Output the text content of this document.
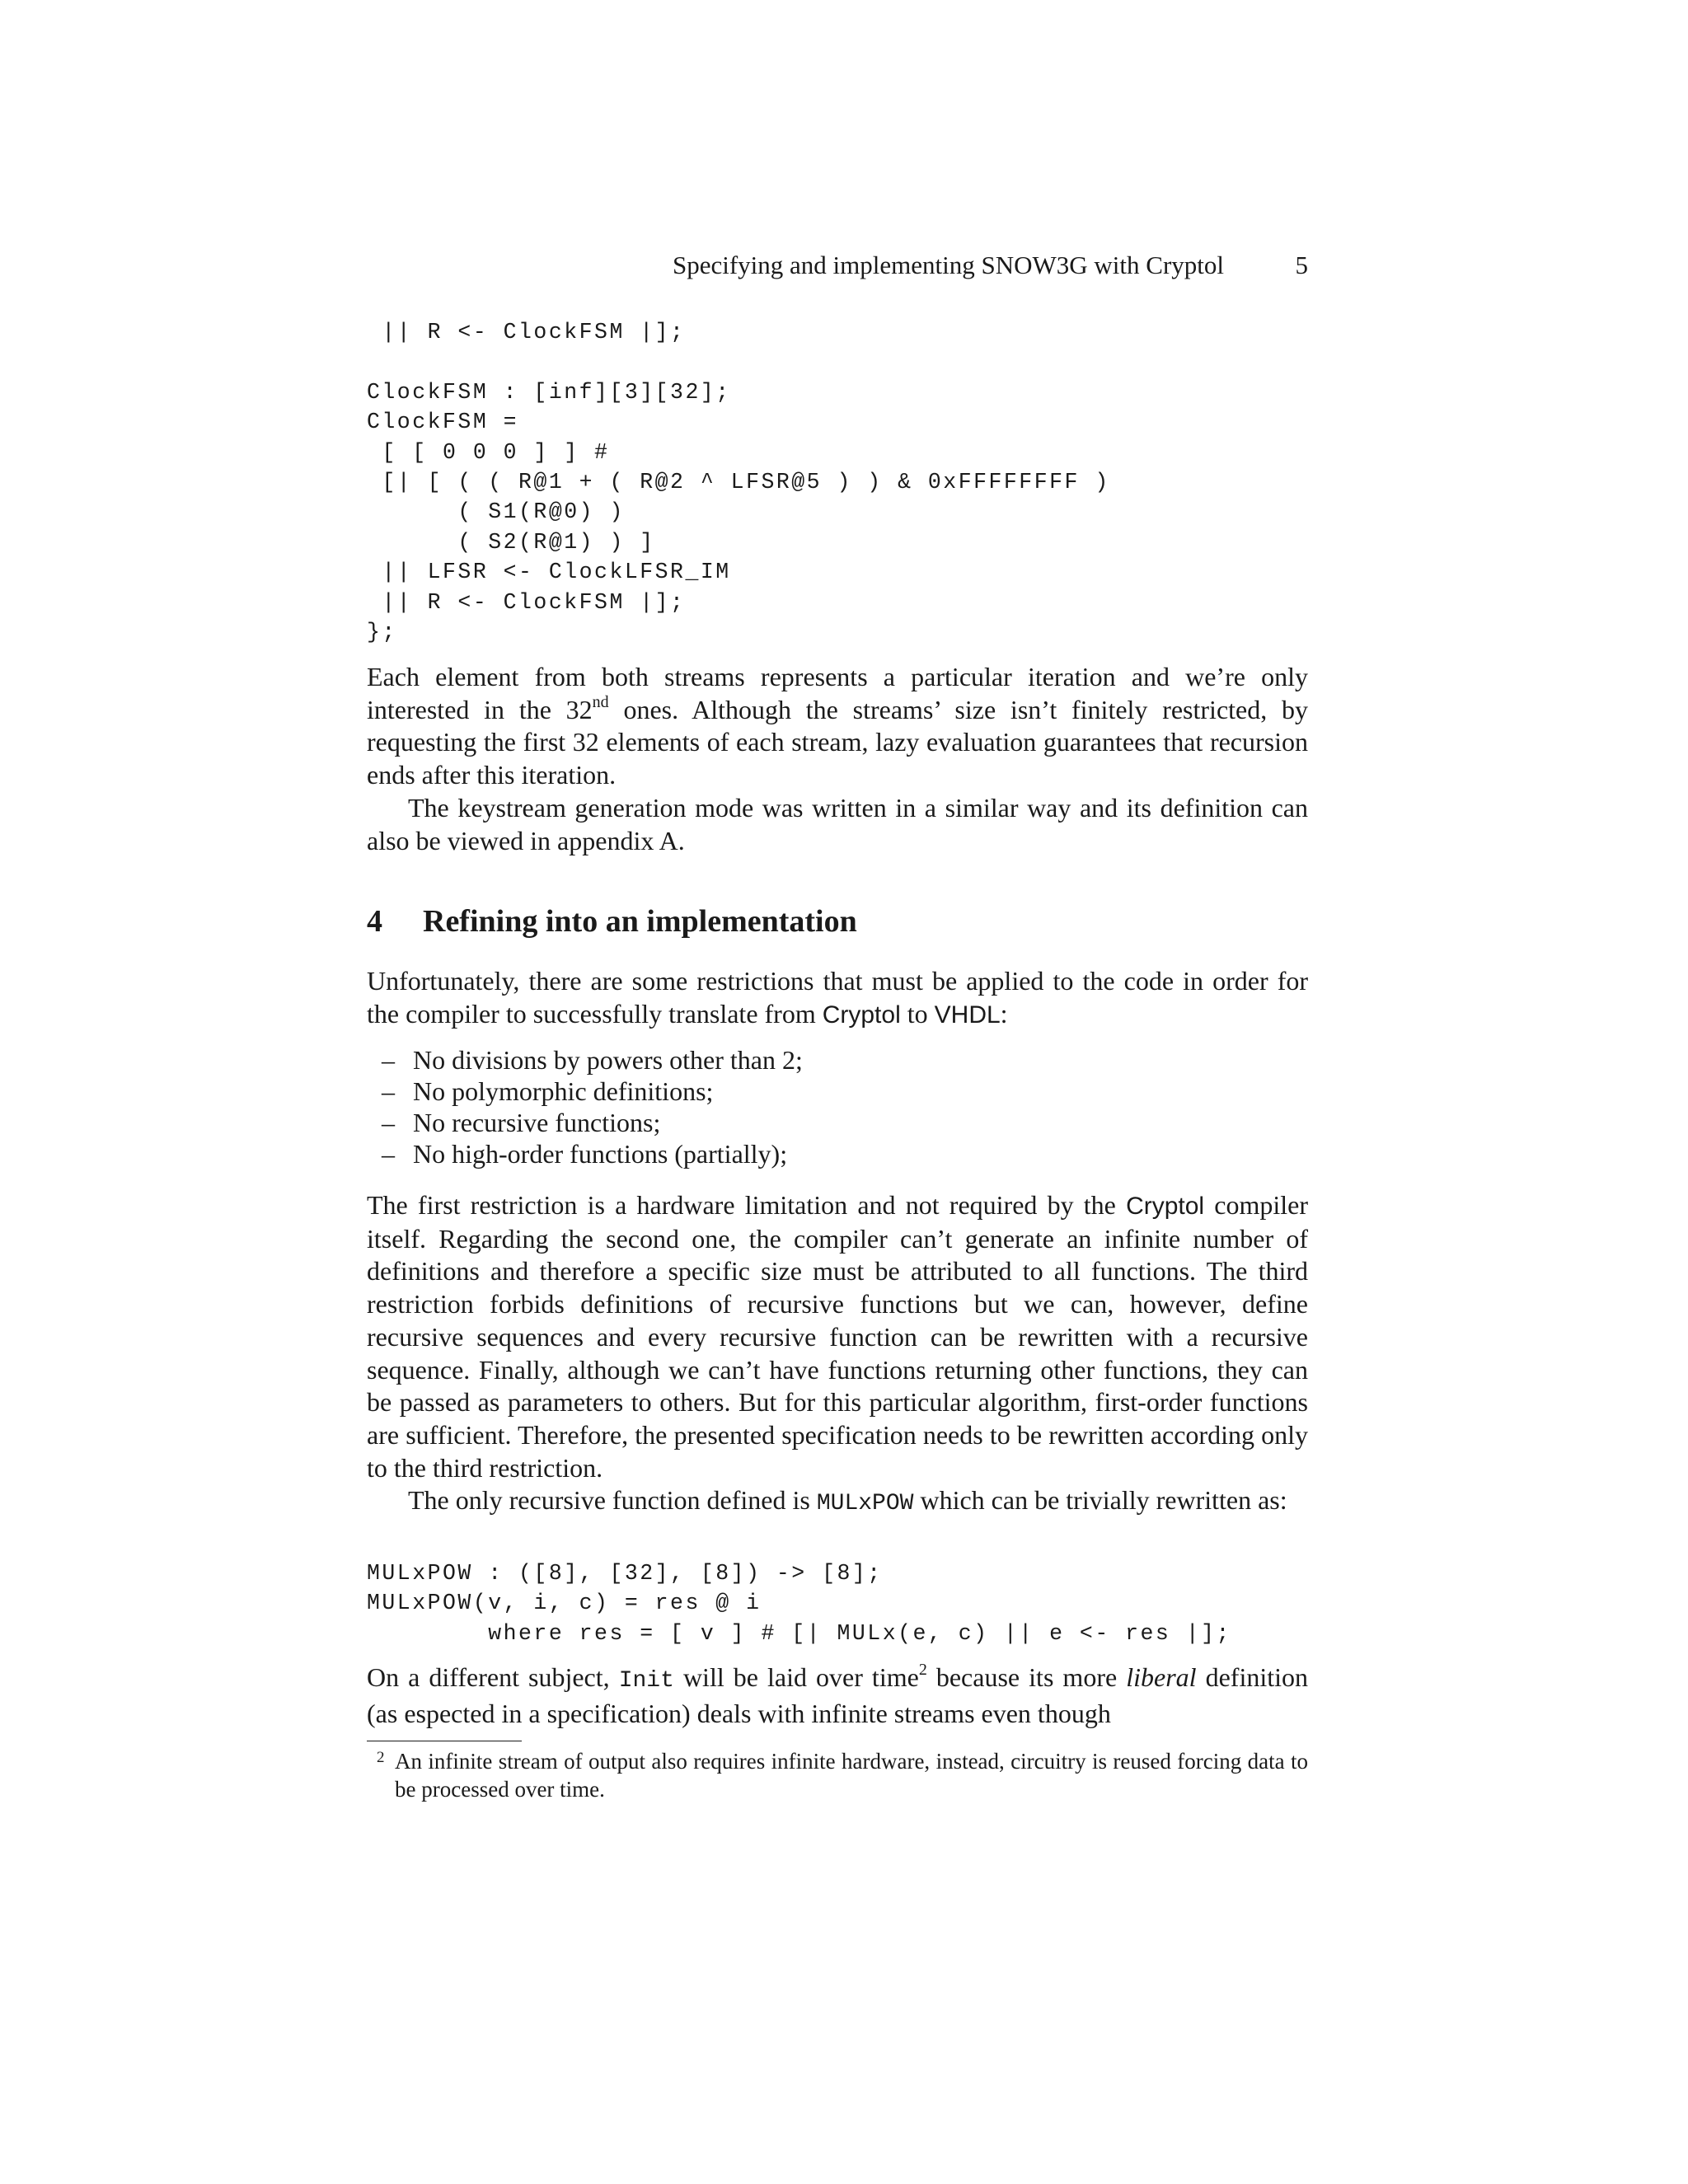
Specifying and implementing SNOW3G with Cryptol	5
|| R <- ClockFSM |];

ClockFSM : [inf][3][32];
ClockFSM =
[ [ 0 0 0 ] ] #
[| [ ( ( R@1 + ( R@2 ^ LFSR@5 ) ) & 0xFFFFFFFF )
( S1(R@0) )
( S2(R@1) ) ]
|| LFSR <- ClockLFSR_IM
|| R <- ClockFSM |];
};

Each element from both streams represents a particular iteration and we’re only interested in the 32nd ones. Although the streams’ size isn’t finitely restricted, by requesting the first 32 elements of each stream, lazy evaluation guarantees that recursion ends after this iteration.

The keystream generation mode was written in a similar way and its definition can also be viewed in appendix A.

4 Refining into an implementation

Unfortunately, there are some restrictions that must be applied to the code in order for the compiler to successfully translate from Cryptol to VHDL:

– No divisions by powers other than 2;
– No polymorphic definitions;
– No recursive functions;
– No high-order functions (partially);

The first restriction is a hardware limitation and not required by the Cryptol compiler itself. Regarding the second one, the compiler can’t generate an infinite number of definitions and therefore a specific size must be attributed to all functions. The third restriction forbids definitions of recursive functions but we can, however, define recursive sequences and every recursive function can be rewritten with a recursive sequence. Finally, although we can’t have functions returning other functions, they can be passed as parameters to others. But for this particular algorithm, first-order functions are sufficient. Therefore, the presented specification needs to be rewritten according only to the third restriction.

The only recursive function defined is MULxPOW which can be trivially rewritten as:

MULxPOW : ([8], [32], [8]) -> [8];
MULxPOW(v, i, c) = res @ i
where res = [ v ] # [| MULx(e, c) || e <- res |];

On a different subject, Init will be laid over time$^2$ because its more liberal definition (as espected in a specification) deals with infinite streams even though

2 An infinite stream of output also requires infinite hardware, instead, circuitry is reused forcing data to be processed over time.
